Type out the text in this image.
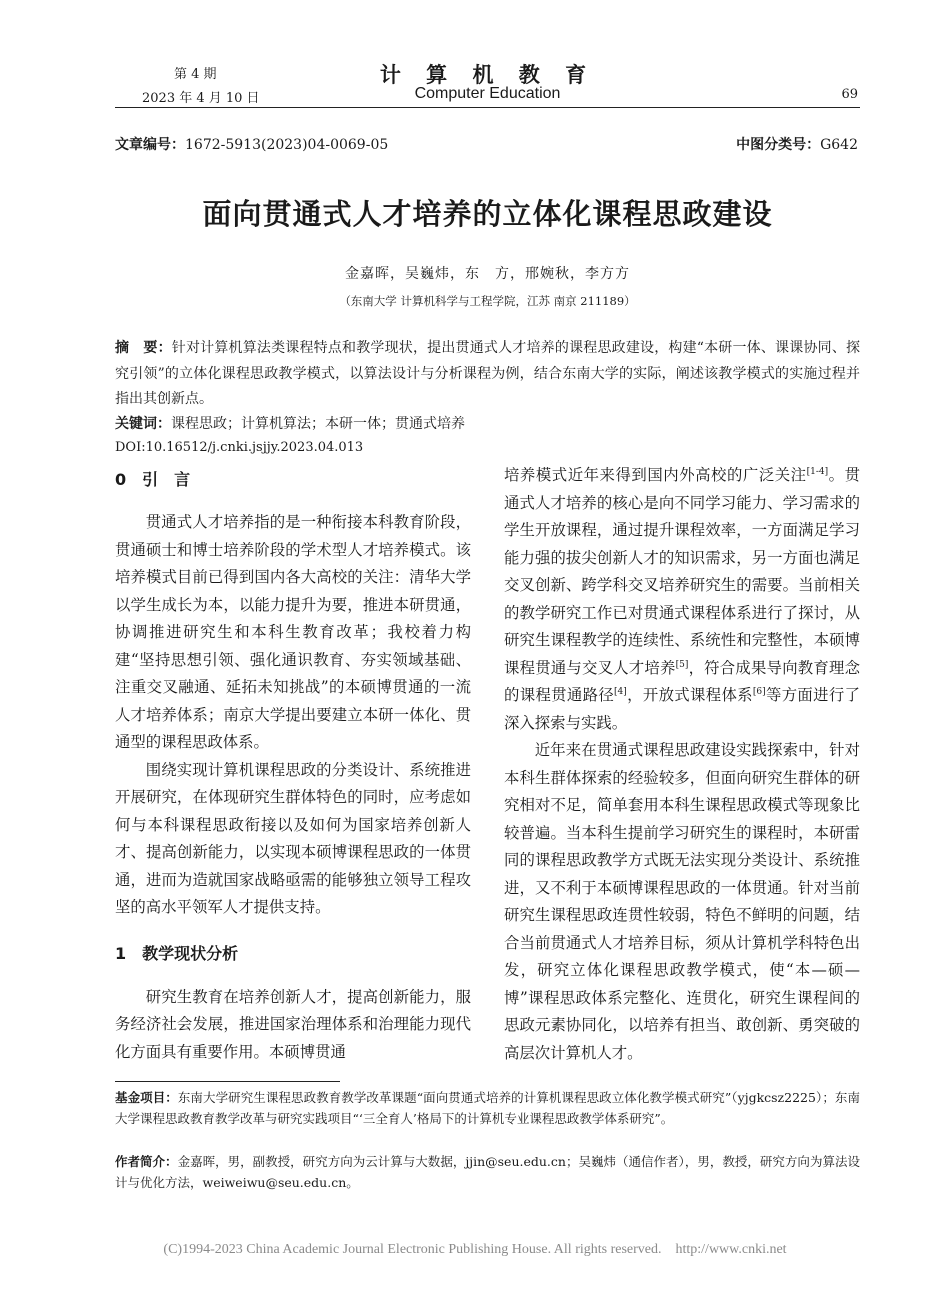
第 4 期
2023 年 4 月 10 日
计 算 机 教 育
Computer Education	69
文章编号：1672-5913(2023)04-0069-05	中图分类号：G642
面向贯通式人才培养的立体化课程思政建设
金嘉晖，吴巍炜，东　方，邢婉秋，李方方
（东南大学 计算机科学与工程学院，江苏 南京 211189）
摘　要：针对计算机算法类课程特点和教学现状，提出贯通式人才培养的课程思政建设，构建“本研一体、课课协同、探究引领”的立体化课程思政教学模式，以算法设计与分析课程为例，结合东南大学的实际，阐述该教学模式的实施过程并指出其创新点。
关键词：课程思政；计算机算法；本研一体；贯通式培养
DOI:10.16512/j.cnki.jsjjy.2023.04.013
0　引　言

贯通式人才培养指的是一种衔接本科教育阶段，贯通硕士和博士培养阶段的学术型人才培养模式。该培养模式目前已得到国内各大高校的关注：清华大学以学生成长为本，以能力提升为要，推进本研贯通，协调推进研究生和本科生教育改革；我校着力构建“坚持思想引领、强化通识教育、夯实领域基础、注重交叉融通、延拓未知挑战”的本硕博贯通的一流人才培养体系；南京大学提出要建立本研一体化、贯通型的课程思政体系。

围绕实现计算机课程思政的分类设计、系统推进开展研究，在体现研究生群体特色的同时，应考虑如何与本科课程思政衔接以及如何为国家培养创新人才、提高创新能力，以实现本硕博课程思政的一体贯通，进而为造就国家战略亟需的能够独立领导工程攻坚的高水平领军人才提供支持。

1　教学现状分析

研究生教育在培养创新人才，提高创新能力，服务经济社会发展，推进国家治理体系和治理能力现代化方面具有重要作用。本硕博贯通

培养模式近年来得到国内外高校的广泛关注[1-4]。贯通式人才培养的核心是向不同学习能力、学习需求的学生开放课程，通过提升课程效率，一方面满足学习能力强的拔尖创新人才的知识需求，另一方面也满足交叉创新、跨学科交叉培养研究生的需要。当前相关的教学研究工作已对贯通式课程体系进行了探讨，从研究生课程教学的连续性、系统性和完整性，本硕博课程贯通与交叉人才培养[5]，符合成果导向教育理念的课程贯通路径[4]，开放式课程体系[6]等方面进行了深入探索与实践。

近年来在贯通式课程思政建设实践探索中，针对本科生群体探索的经验较多，但面向研究生群体的研究相对不足，简单套用本科生课程思政模式等现象比较普遍。当本科生提前学习研究生的课程时，本研雷同的课程思政教学方式既无法实现分类设计、系统推进，又不利于本硕博课程思政的一体贯通。针对当前研究生课程思政连贯性较弱，特色不鲜明的问题，结合当前贯通式人才培养目标，须从计算机学科特色出发，研究立体化课程思政教学模式，使“本—硕—博”课程思政体系完整化、连贯化，研究生课程间的思政元素协同化，以培养有担当、敢创新、勇突破的高层次计算机人才。

基金项目：东南大学研究生课程思政教育教学改革课题“面向贯通式培养的计算机课程思政立体化教学模式研究”（yjgkcsz2225）；东南大学课程思政教育教学改革与研究实践项目“‘三全育人’格局下的计算机专业课程思政教学体系研究”。
作者简介：金嘉晖，男，副教授，研究方向为云计算与大数据，jjin@seu.edu.cn；吴巍炜（通信作者），男，教授，研究方向为算法设计与优化方法，weiweiwu@seu.edu.cn。
(C)1994-2023 China Academic Journal Electronic Publishing House. All rights reserved.    http://www.cnki.net
